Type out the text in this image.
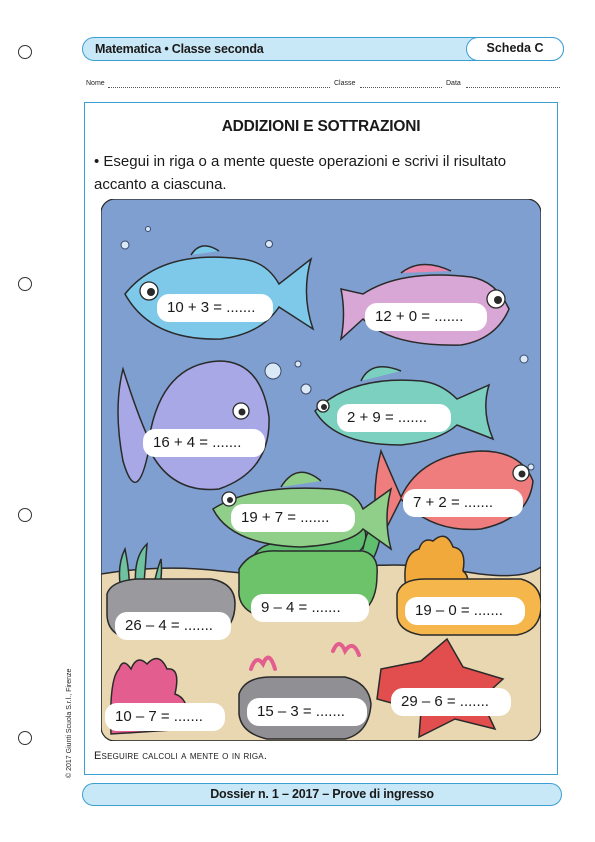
Matematica • Classe seconda	Scheda C
Nome	Classe	Data
ADDIZIONI E SOTTRAZIONI
• Esegui in riga o a mente queste operazioni e scrivi il risultato accanto a ciascuna.
10 + 3 = .......
12 + 0 = .......
2 + 9 = .......
16 + 4 = .......
7 + 2 = .......
19 + 7 = .......
9 – 4 = .......	19 – 0 = .......
26 – 4 = .......
29 – 6 = .......
15 – 3 = .......
10 – 7 = .......
Eseguire calcoli a mente o in riga.
© 2017 Giunti Scuola S.r.l., Firenze
Dossier n. 1 – 2017 – Prove di ingresso
